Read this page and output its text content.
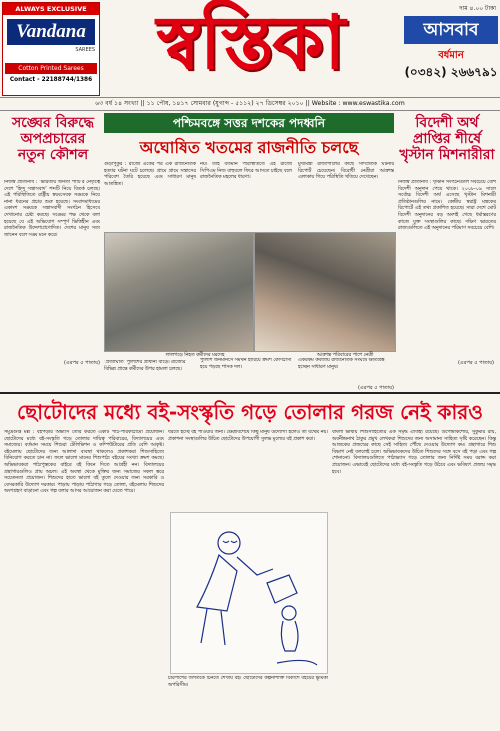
ALWAYS EXCLUSIVE
Vandana
SAREES
Cotton Printed Sarees
Contact - 22188744/1386 স্বস্তিকা	দাম ৪.০০ টাকা
আসবাব
বর্ধমান
(০৩৪২) ২৬৬৭৯১
৬৩ বর্ষ ১৪ সংখ্যা || ১১ পৌষ, ১৪১৭ সোমবার (যুগাব্দ - ৫১১২) ২৭ ডিসেম্বর ২০১০ || Website : www.eswastika.com
সঙ্ঘের বিরুদ্ধে অপপ্রচারের নতুন কৌশল
নিজস্ব প্রতিনিধি : ‘ভারতীয় জনতা পার্টি’র নেতৃত্বে দেশে ‘হিন্দু সন্ত্রাসবাদ’ শব্দটি নিয়ে বিতর্ক চলছে। এই পরিস্থিতিতে রাষ্ট্রীয় স্বয়ংসেবক সঙ্ঘকে নিয়ে নানা ধরনের প্রচার শুরু হয়েছে। সংবাদমাধ্যমের একাংশ সঙ্ঘকে সন্ত্রাসবাদী সংগঠন হিসেবে দেখানোর চেষ্টা করছে। সঙ্ঘের পক্ষ থেকে বলা হয়েছে যে এই অভিযোগ সম্পূর্ণ ভিত্তিহীন এবং রাজনৈতিক উদ্দেশ্যপ্রণোদিত। দেশের মানুষ সত্য জানেন বলে সঙ্ঘ মনে করে।
(এরপর ৫ পাতায়)
পশ্চিমবঙ্গে সত্তর দশকের পদধ্বনি
অঘোষিত খতমের রাজনীতি চলছে
গুড়াপুকুর : রাজ্যে একের পর এক রাজনৈতিক হত্যার ঘটনা ঘটে চলেছে। গ্রামে গ্রামে সন্ত্রাসের পরিবেশ তৈরি হয়েছে এবং সাধারণ মানুষ আতঙ্কিত।
নয়। তাই বর্তমান পরিস্থিতিতে এই রাজ্যে সিপিএম নিজ বাহুবলে ফিরে আসতে চাইছে বলে রাজনৈতিক মহলের ধারণা।
মুখ্যমন্ত্রী রাজ্যপালের কাছে সাম্প্রতিক ঘটনার রিপোর্ট চেয়েছেন। বিরোধী নেত্রীরা আক্রান্ত এলাকায় গিয়ে পরিস্থিতি খতিয়ে দেখেছেন।
লালগড়ে নিহত কর্মীদের মরদেহ	আক্রান্ত পরিবারের পাশে নেত্রী
‘প্রত্যাঘাত’ পুলিশের প্রাধান্য বাড়ে। রাজ্যের বিভিন্ন প্রান্তে কর্মীদের উপর হামলা চলছে।
পুলিশি জনমানসে সমর্থন হারিয়ে ক্রমশ কোণঠাসা হয়ে পড়ছে শাসক দল।
একরকম কবজায় রাজনৈতিক সংঘর্ষে ক্ষতিগ্রস্ত হচ্ছেন সাধারণ মানুষ।
(এরপর ৫ পাতায়)
বিদেশী অর্থ প্রাপ্তির শীর্ষে খৃস্টান মিশনারীরা
নিজস্ব প্রতিনিধি : খৃস্টান সংগঠনগুলি সবচেয়ে বেশি বিদেশী অনুদান পেয়ে থাকে। ২০০৮-০৯ সালে সর্বোচ্চ বিদেশী অর্থ এসেছে খৃস্টান মিশনারী প্রতিষ্ঠানগুলির নামে। কেন্দ্রীয় স্বরাষ্ট্র মন্ত্রকের রিপোর্টে এই তথ্য প্রকাশিত হয়েছে। সারা দেশে মোট বিদেশী অনুদানের বড় অংশই গেছে ধর্মান্তরণের কাজে যুক্ত সংস্থাগুলির কাছে। দক্ষিণ ভারতের রাজ্যগুলিতে এই অনুদানের পরিমাণ সবচেয়ে বেশি।
(এরপর ৫ পাতায়)
ছোটোদের মধ্যে বই-সংস্কৃতি গড়ে তোলার গরজ নেই কারও
সমুদ্রগুপ্ত মল্ল : বইপড়ার অভ্যাস তৈরি করতে একটি পাঠ-পরিকাঠামো প্রয়োজন। ছোটোদের মধ্যে বই-সংস্কৃতি গড়ে তোলার দায়িত্ব পরিবারের, বিদ্যালয়ের এবং সমাজের। বর্তমান সময়ে শিশুরা টেলিভিশন ও কম্পিউটারের প্রতি বেশি আকৃষ্ট। বইমেলায় ছোটোদের জন্য আলাদা ব্যবস্থা থাকলেও প্রকাশকরা শিশুসাহিত্যে বিনিয়োগ করতে চান না। ফলে ভালো মানের শিশুপাঠ্য বইয়ের সংখ্যা ক্রমশ কমছে। অভিভাবকরা পাঠ্যপুস্তকের বাইরে বই কিনে দিতে আগ্রহী নন। বিদ্যালয়ের গ্রন্থাগারগুলিও প্রায় অচল। এই অবস্থা থেকে মুক্তির জন্য সমাজের সকল স্তরে সচেতনতা প্রয়োজন। শিশুদের হাতে ভালো বই তুলে দেওয়ার জন্য সরকারি ও বেসরকারি উদ্যোগ দরকার। পাড়ায় পাড়ায় পাঠাগার গড়ে তোলা, বইমেলায় শিশুদের অংশগ্রহণ বাড়ানো এবং গল্প বলার আসর আয়োজন করা যেতে পারে।
ধরতে হচ্ছে বই পাওয়ার জন্য। ক্ষেত্রবিশেষে কিছু মানুষ উদ্যোগী হলেও তা যথেষ্ট নয়। প্রকাশনা সংস্থাগুলির উচিত ছোটোদের উপযোগী সুলভ মূল্যের বই প্রকাশ করা।
চারপাশের জগতকে চিনতে শেখায় বই। ছোটোদের কল্পনাশক্তি বিকাশে বইয়ের ভূমিকা অপরিসীম।
বাংলা ভাষায় শিশুসাহিত্যের এক সমৃদ্ধ ঐতিহ্য রয়েছে। উপেন্দ্রকিশোর, সুকুমার রায়, অবনীন্দ্রনাথ ঠাকুর প্রমুখ লেখকরা শিশুদের জন্য অসামান্য সাহিত্য সৃষ্টি করেছেন। কিন্তু আজকের প্রজন্মের কাছে সেই সাহিত্য পৌঁছে দেওয়ার উদ্যোগ কম। গ্রন্থাগারে শিশু বিভাগ নেই বললেই চলে। অভিভাবকদের উচিত শিশুদের সঙ্গে বসে বই পড়া এবং গল্প শোনানো। বিদ্যালয়গুলিতে পাঠাভ্যাস গড়ে তোলার জন্য নির্দিষ্ট সময় বরাদ্দ করা প্রয়োজন। এভাবেই ছোটোদের মধ্যে বই-সংস্কৃতি গড়ে উঠবে এবং ভবিষ্যৎ প্রজন্ম সমৃদ্ধ হবে।
